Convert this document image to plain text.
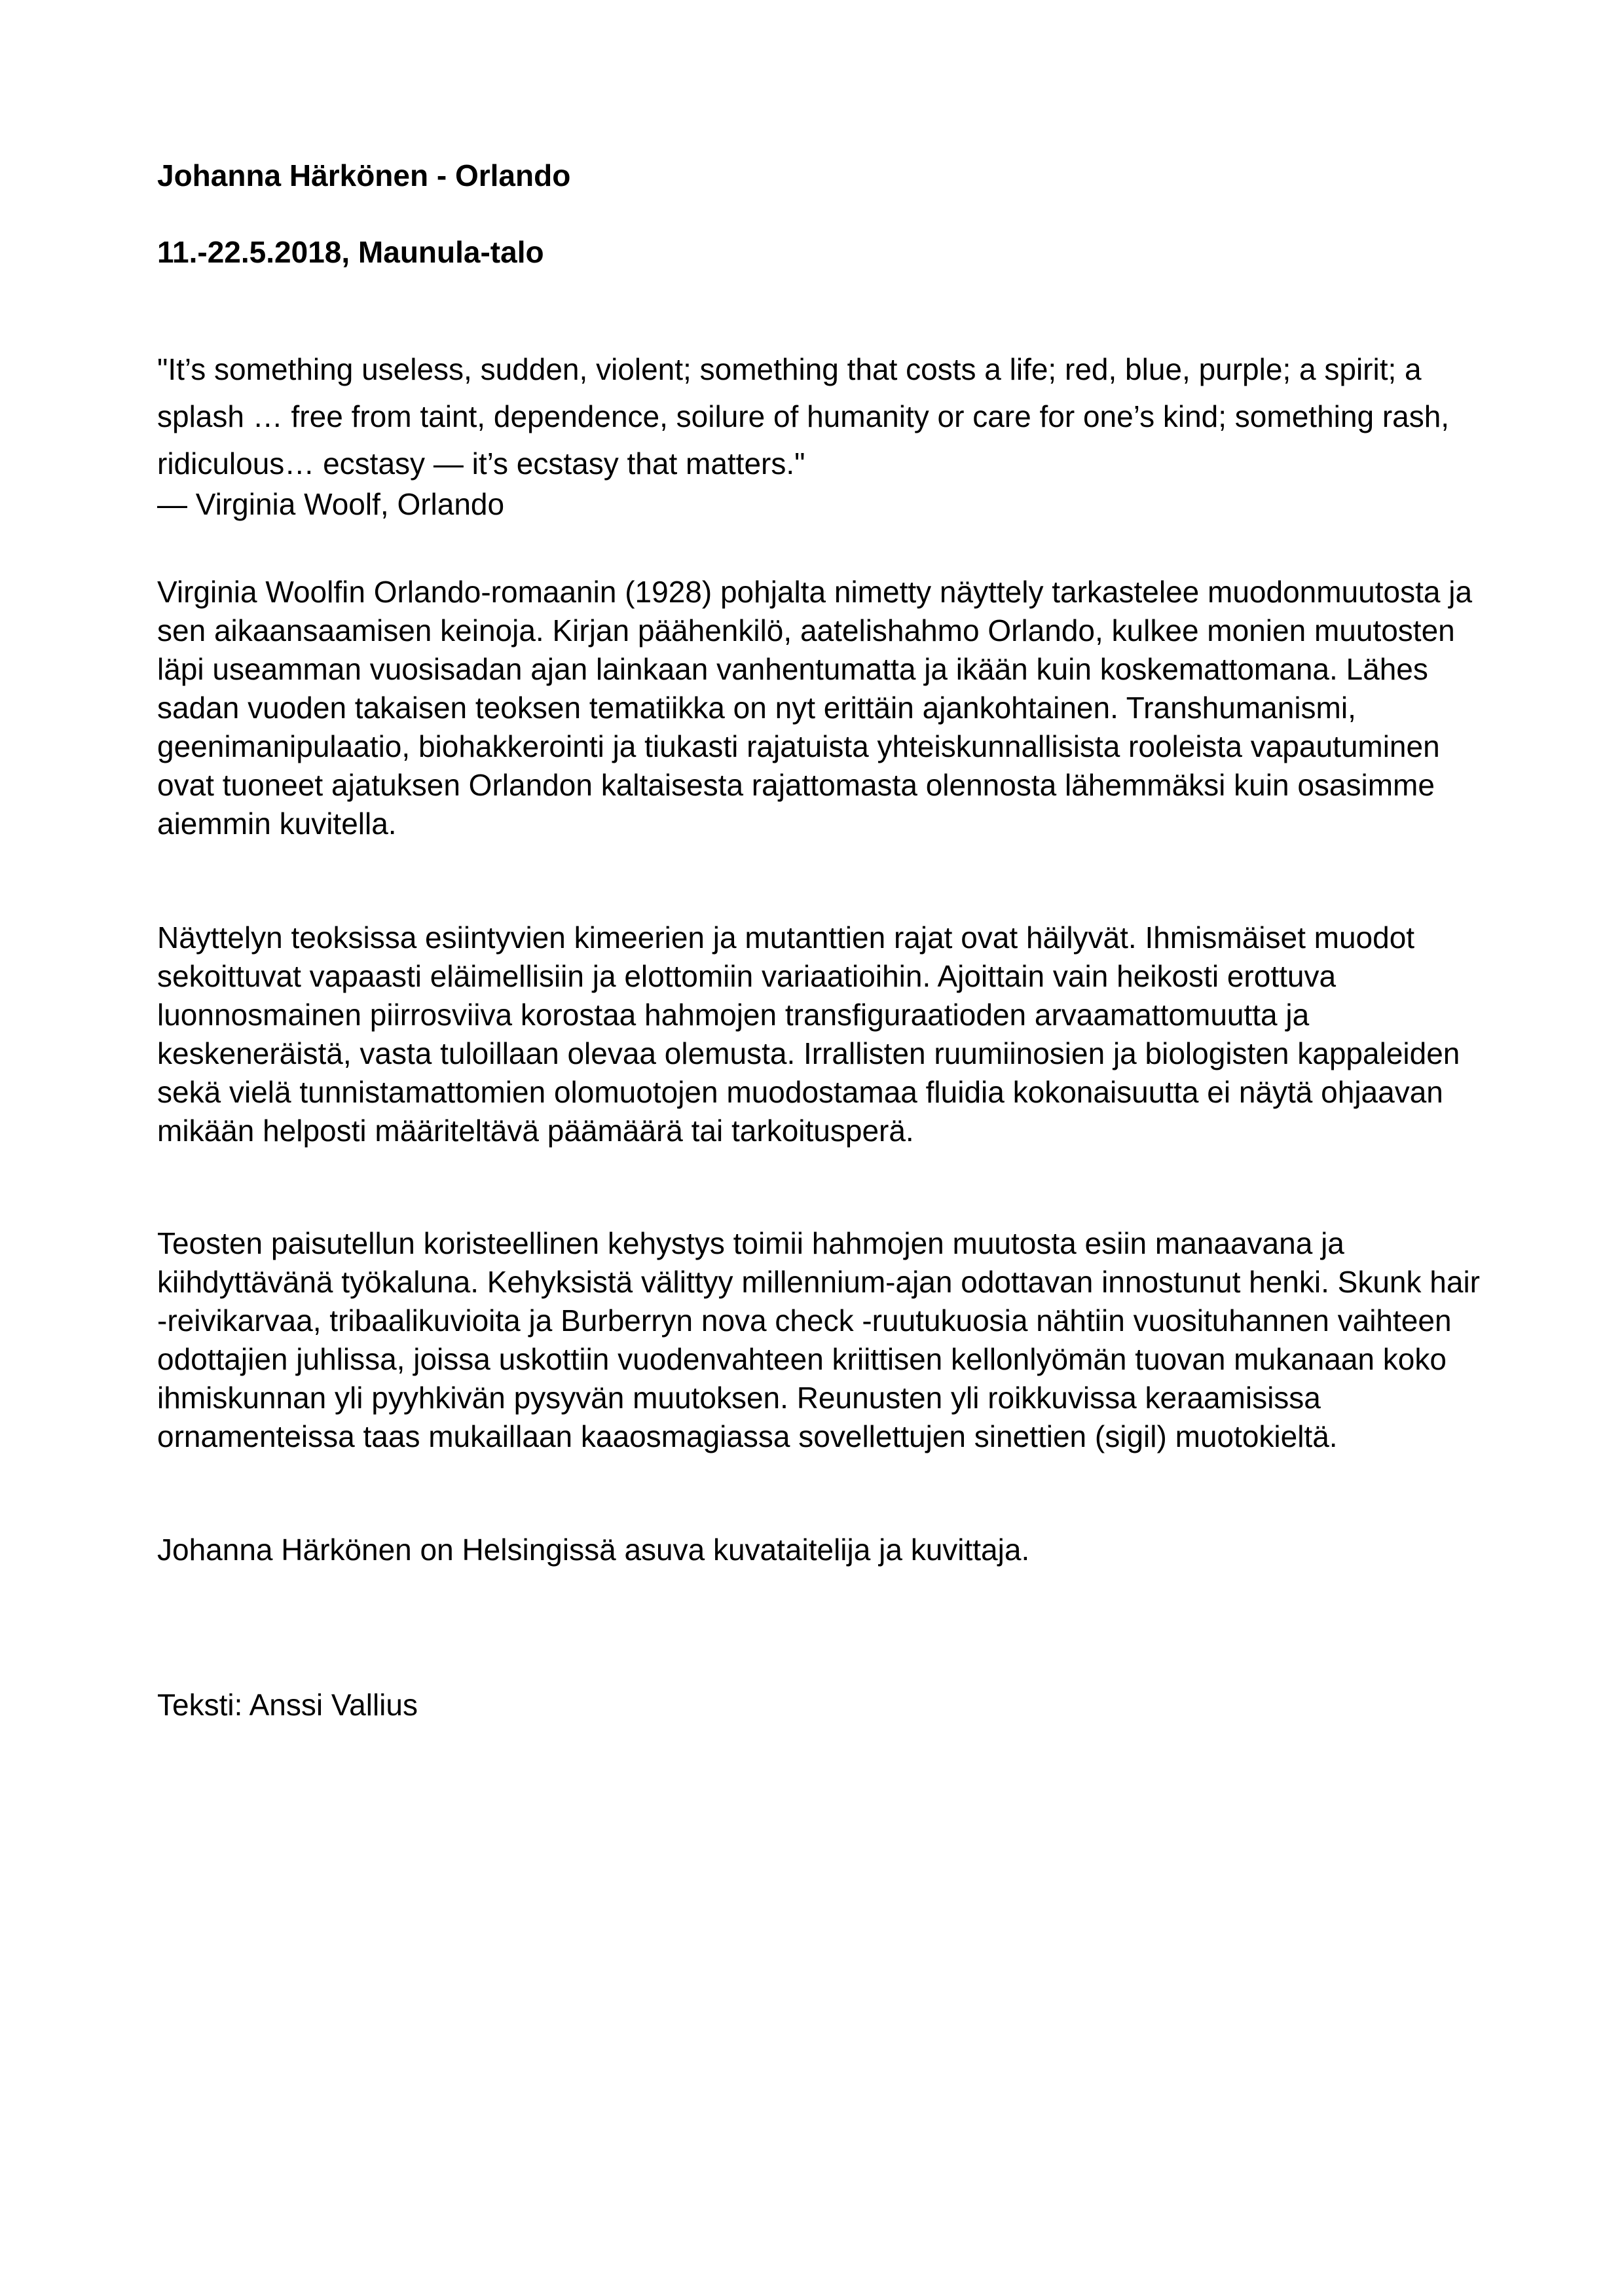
Johanna Härkönen - Orlando

11.-22.5.2018, Maunula-talo

"It’s something useless, sudden, violent; something that costs a life; red, blue, purple; a spirit; a splash … free from taint, dependence, soilure of humanity or care for one’s kind; something rash, ridiculous… ecstasy — it’s ecstasy that matters."

— Virginia Woolf, Orlando

Virginia Woolfin Orlando-romaanin (1928) pohjalta nimetty näyttely tarkastelee muodonmuutosta ja sen aikaansaamisen keinoja. Kirjan päähenkilö, aatelishahmo Orlando, kulkee monien muutosten läpi useamman vuosisadan ajan lainkaan vanhentumatta ja ikään kuin koskemattomana. Lähes sadan vuoden takaisen teoksen tematiikka on nyt erittäin ajankohtainen. Transhumanismi, geenimanipulaatio, biohakkerointi ja tiukasti rajatuista yhteiskunnallisista rooleista vapautuminen ovat tuoneet ajatuksen Orlandon kaltaisesta rajattomasta olennosta lähemmäksi kuin osasimme aiemmin kuvitella.

Näyttelyn teoksissa esiintyvien kimeerien ja mutanttien rajat ovat häilyvät. Ihmismäiset muodot sekoittuvat vapaasti eläimellisiin ja elottomiin variaatioihin. Ajoittain vain heikosti erottuva luonnosmainen piirrosviiva korostaa hahmojen transfiguraatioden arvaamattomuutta ja keskeneräistä, vasta tuloillaan olevaa olemusta. Irrallisten ruumiinosien ja biologisten kappaleiden sekä vielä tunnistamattomien olomuotojen muodostamaa fluidia kokonaisuutta ei näytä ohjaavan mikään helposti määriteltävä päämäärä tai tarkoitusperä.

Teosten paisutellun koristeellinen kehystys toimii hahmojen muutosta esiin manaavana ja kiihdyttävänä työkaluna. Kehyksistä välittyy millennium-ajan odottavan innostunut henki. Skunk hair -reivikarvaa, tribaalikuvioita ja Burberryn nova check -ruutukuosia nähtiin vuosituhannen vaihteen odottajien juhlissa, joissa uskottiin vuodenvahteen kriittisen kellonlyömän tuovan mukanaan koko ihmiskunnan yli pyyhkivän pysyvän muutoksen. Reunusten yli roikkuvissa keraamisissa ornamenteissa taas mukaillaan kaaosmagiassa sovellettujen sinettien (sigil) muotokieltä.

Johanna Härkönen on Helsingissä asuva kuvataitelija ja kuvittaja.

Teksti: Anssi Vallius
